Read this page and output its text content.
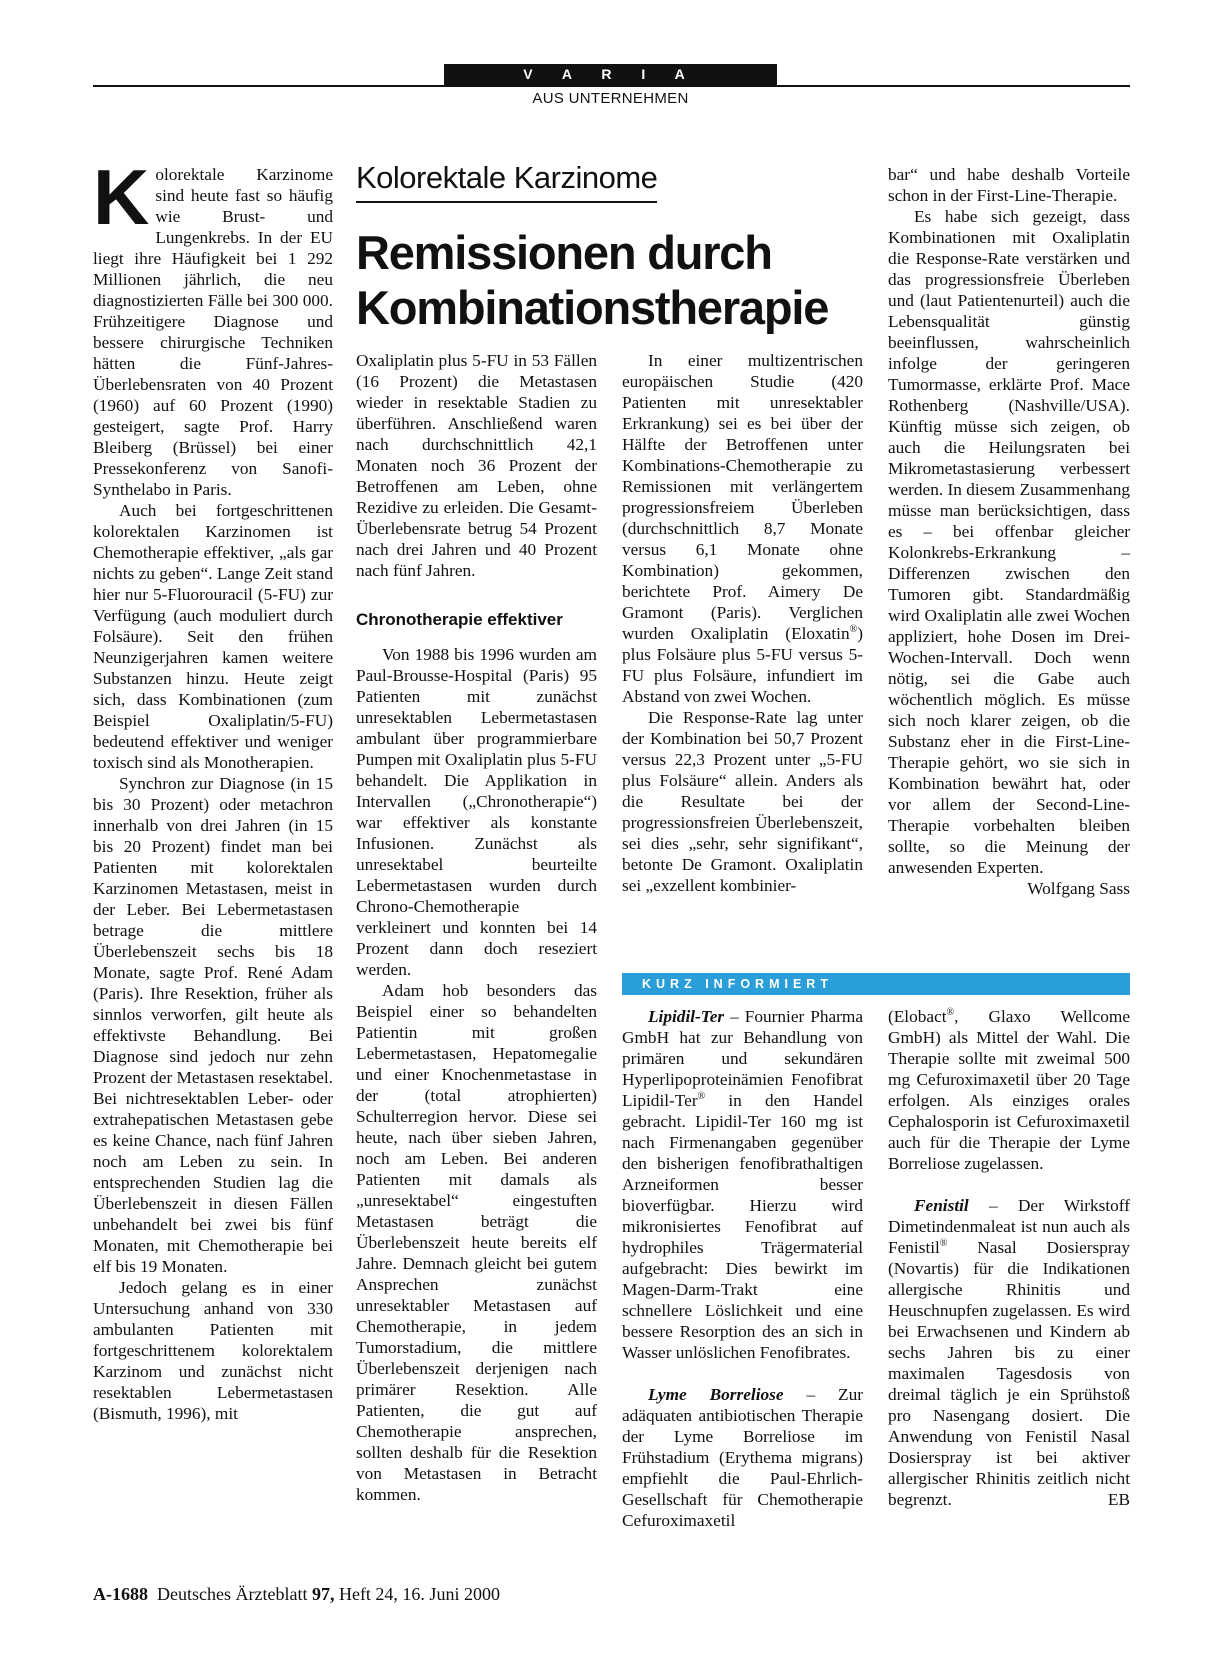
V A R I A
AUS UNTERNEHMEN

Kolorektale Karzinome sind heute fast so häufig wie Brust- und Lungenkrebs. In der EU liegt ihre Häufigkeit bei 1 292 Millionen jährlich, die neu diagnostizierten Fälle bei 300 000. Frühzeitigere Diagnose und bessere chirurgische Techniken hätten die Fünf-Jahres-Überlebensraten von 40 Prozent (1960) auf 60 Prozent (1990) gesteigert, sagte Prof. Harry Bleiberg (Brüssel) bei einer Pressekonferenz von Sanofi-Synthelabo in Paris.

Auch bei fortgeschrittenen kolorektalen Karzinomen ist Chemotherapie effektiver, „als gar nichts zu geben“. Lange Zeit stand hier nur 5-Fluorouracil (5-FU) zur Verfügung (auch moduliert durch Folsäure). Seit den frühen Neunzigerjahren kamen weitere Substanzen hinzu. Heute zeigt sich, dass Kombinationen (zum Beispiel Oxaliplatin/5-FU) bedeutend effektiver und weniger toxisch sind als Monotherapien.

Synchron zur Diagnose (in 15 bis 30 Prozent) oder metachron innerhalb von drei Jahren (in 15 bis 20 Prozent) findet man bei Patienten mit kolorektalen Karzinomen Metastasen, meist in der Leber. Bei Lebermetastasen betrage die mittlere Überlebenszeit sechs bis 18 Monate, sagte Prof. René Adam (Paris). Ihre Resektion, früher als sinnlos verworfen, gilt heute als effektivste Behandlung. Bei Diagnose sind jedoch nur zehn Prozent der Metastasen resektabel. Bei nichtresektablen Leber- oder extrahepatischen Metastasen gebe es keine Chance, nach fünf Jahren noch am Leben zu sein. In entsprechenden Studien lag die Überlebenszeit in diesen Fällen unbehandelt bei zwei bis fünf Monaten, mit Chemotherapie bei elf bis 19 Monaten.

Jedoch gelang es in einer Untersuchung anhand von 330 ambulanten Patienten mit fortgeschrittenem kolorektalem Karzinom und zunächst nicht resektablen Lebermetastasen (Bismuth, 1996), mit

Kolorektale Karzinome
Remissionen durch Kombinationstherapie

Oxaliplatin plus 5-FU in 53 Fällen (16 Prozent) die Metastasen wieder in resektable Stadien zu überführen. Anschließend waren nach durchschnittlich 42,1 Monaten noch 36 Prozent der Betroffenen am Leben, ohne Rezidive zu erleiden. Die Gesamt-Überlebensrate betrug 54 Prozent nach drei Jahren und 40 Prozent nach fünf Jahren.

Chronotherapie effektiver

Von 1988 bis 1996 wurden am Paul-Brousse-Hospital (Paris) 95 Patienten mit zunächst unresektablen Lebermetastasen ambulant über programmierbare Pumpen mit Oxaliplatin plus 5-FU behandelt. Die Applikation in Intervallen („Chronotherapie“) war effektiver als konstante Infusionen. Zunächst als unresektabel beurteilte Lebermetastasen wurden durch Chrono-Chemotherapie verkleinert und konnten bei 14 Prozent dann doch reseziert werden.

Adam hob besonders das Beispiel einer so behandelten Patientin mit großen Lebermetastasen, Hepatomegalie und einer Knochenmetastase in der (total atrophierten) Schulterregion hervor. Diese sei heute, nach über sieben Jahren, noch am Leben. Bei anderen Patienten mit damals als „unresektabel“ eingestuften Metastasen beträgt die Überlebenszeit heute bereits elf Jahre. Demnach gleicht bei gutem Ansprechen zunächst unresektabler Metastasen auf Chemotherapie, in jedem Tumorstadium, die mittlere Überlebenszeit derjenigen nach primärer Resektion. Alle Patienten, die gut auf Chemotherapie ansprechen, sollten deshalb für die Resektion von Metastasen in Betracht kommen.

In einer multizentrischen europäischen Studie (420 Patienten mit unresektabler Erkrankung) sei es bei über der Hälfte der Betroffenen unter Kombinations-Chemotherapie zu Remissionen mit verlängertem progressionsfreiem Überleben (durchschnittlich 8,7 Monate versus 6,1 Monate ohne Kombination) gekommen, berichtete Prof. Aimery De Gramont (Paris). Verglichen wurden Oxaliplatin (Eloxatin®) plus Folsäure plus 5-FU versus 5-FU plus Folsäure, infundiert im Abstand von zwei Wochen.

Die Response-Rate lag unter der Kombination bei 50,7 Prozent versus 22,3 Prozent unter „5-FU plus Folsäure“ allein. Anders als die Resultate bei der progressionsfreien Überlebenszeit, sei dies „sehr, sehr signifikant“, betonte De Gramont. Oxaliplatin sei „exzellent kombinier-

bar“ und habe deshalb Vorteile schon in der First-Line-Therapie.

Es habe sich gezeigt, dass Kombinationen mit Oxaliplatin die Response-Rate verstärken und das progressionsfreie Überleben und (laut Patientenurteil) auch die Lebensqualität günstig beeinflussen, wahrscheinlich infolge der geringeren Tumormasse, erklärte Prof. Mace Rothenberg (Nashville/USA). Künftig müsse sich zeigen, ob auch die Heilungsraten bei Mikrometastasierung verbessert werden. In diesem Zusammenhang müsse man berücksichtigen, dass es – bei offenbar gleicher Kolonkrebs-Erkrankung – Differenzen zwischen den Tumoren gibt. Standardmäßig wird Oxaliplatin alle zwei Wochen appliziert, hohe Dosen im Drei-Wochen-Intervall. Doch wenn nötig, sei die Gabe auch wöchentlich möglich. Es müsse sich noch klarer zeigen, ob die Substanz eher in die First-Line-Therapie gehört, wo sie sich in Kombination bewährt hat, oder vor allem der Second-Line-Therapie vorbehalten bleiben sollte, so die Meinung der anwesenden Experten.
Wolfgang Sass

KURZ INFORMIERT

Lipidil-Ter – Fournier Pharma GmbH hat zur Behandlung von primären und sekundären Hyperlipoproteinämien Fenofibrat Lipidil-Ter® in den Handel gebracht. Lipidil-Ter 160 mg ist nach Firmenangaben gegenüber den bisherigen fenofibrathaltigen Arzneiformen besser bioverfügbar. Hierzu wird mikronisiertes Fenofibrat auf hydrophiles Trägermaterial aufgebracht: Dies bewirkt im Magen-Darm-Trakt eine schnellere Löslichkeit und eine bessere Resorption des an sich in Wasser unlöslichen Fenofibrates.

Lyme Borreliose – Zur adäquaten antibiotischen Therapie der Lyme Borreliose im Frühstadium (Erythema migrans) empfiehlt die Paul-Ehrlich-Gesellschaft für Chemotherapie Cefuroximaxetil

(Elobact®, Glaxo Wellcome GmbH) als Mittel der Wahl. Die Therapie sollte mit zweimal 500 mg Cefuroximaxetil über 20 Tage erfolgen. Als einziges orales Cephalosporin ist Cefuroximaxetil auch für die Therapie der Lyme Borreliose zugelassen.

Fenistil – Der Wirkstoff Dimetindenmaleat ist nun auch als Fenistil® Nasal Dosierspray (Novartis) für die Indikationen allergische Rhinitis und Heuschnupfen zugelassen. Es wird bei Erwachsenen und Kindern ab sechs Jahren bis zu einer maximalen Tagesdosis von dreimal täglich je ein Sprühstoß pro Nasengang dosiert. Die Anwendung von Fenistil Nasal Dosierspray ist bei aktiver allergischer Rhinitis zeitlich nicht begrenzt.	EB

A-1688 Deutsches Ärzteblatt 97, Heft 24, 16. Juni 2000
